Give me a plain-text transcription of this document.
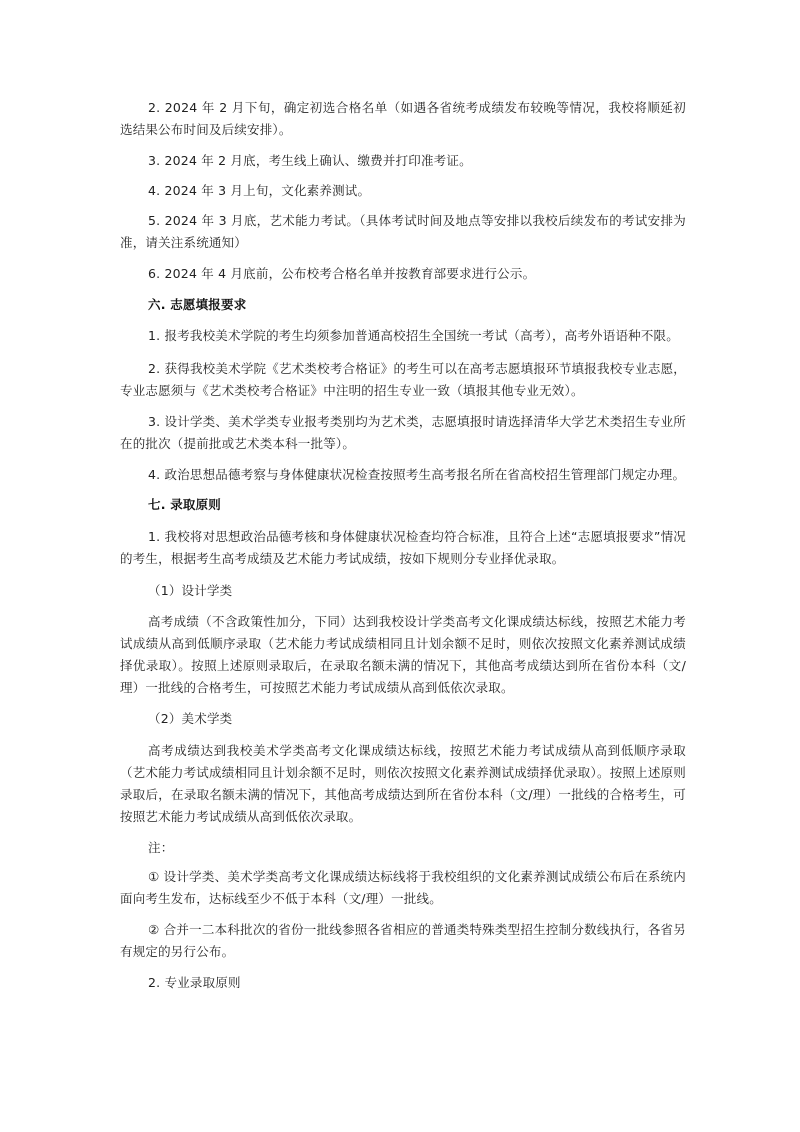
2. 2024 年 2 月下旬，确定初选合格名单（如遇各省统考成绩发布较晚等情况，我校将顺延初选结果公布时间及后续安排）。

3. 2024 年 2 月底，考生线上确认、缴费并打印准考证。

4. 2024 年 3 月上旬，文化素养测试。

5. 2024 年 3 月底，艺术能力考试。（具体考试时间及地点等安排以我校后续发布的考试安排为准，请关注系统通知）

6. 2024 年 4 月底前，公布校考合格名单并按教育部要求进行公示。

六. 志愿填报要求

1. 报考我校美术学院的考生均须参加普通高校招生全国统一考试（高考），高考外语语种不限。

2. 获得我校美术学院《艺术类校考合格证》的考生可以在高考志愿填报环节填报我校专业志愿，专业志愿须与《艺术类校考合格证》中注明的招生专业一致（填报其他专业无效）。

3. 设计学类、美术学类专业报考类别均为艺术类，志愿填报时请选择清华大学艺术类招生专业所在的批次（提前批或艺术类本科一批等）。

4. 政治思想品德考察与身体健康状况检查按照考生高考报名所在省高校招生管理部门规定办理。

七. 录取原则

1. 我校将对思想政治品德考核和身体健康状况检查均符合标准，且符合上述“志愿填报要求”情况的考生，根据考生高考成绩及艺术能力考试成绩，按如下规则分专业择优录取。

（1）设计学类

高考成绩（不含政策性加分，下同）达到我校设计学类高考文化课成绩达标线，按照艺术能力考试成绩从高到低顺序录取（艺术能力考试成绩相同且计划余额不足时，则依次按照文化素养测试成绩择优录取）。按照上述原则录取后，在录取名额未满的情况下，其他高考成绩达到所在省份本科（文/理）一批线的合格考生，可按照艺术能力考试成绩从高到低依次录取。

（2）美术学类

高考成绩达到我校美术学类高考文化课成绩达标线，按照艺术能力考试成绩从高到低顺序录取（艺术能力考试成绩相同且计划余额不足时，则依次按照文化素养测试成绩择优录取）。按照上述原则录取后，在录取名额未满的情况下，其他高考成绩达到所在省份本科（文/理）一批线的合格考生，可按照艺术能力考试成绩从高到低依次录取。

注：

① 设计学类、美术学类高考文化课成绩达标线将于我校组织的文化素养测试成绩公布后在系统内面向考生发布，达标线至少不低于本科（文/理）一批线。

② 合并一二本科批次的省份一批线参照各省相应的普通类特殊类型招生控制分数线执行，各省另有规定的另行公布。

2. 专业录取原则
